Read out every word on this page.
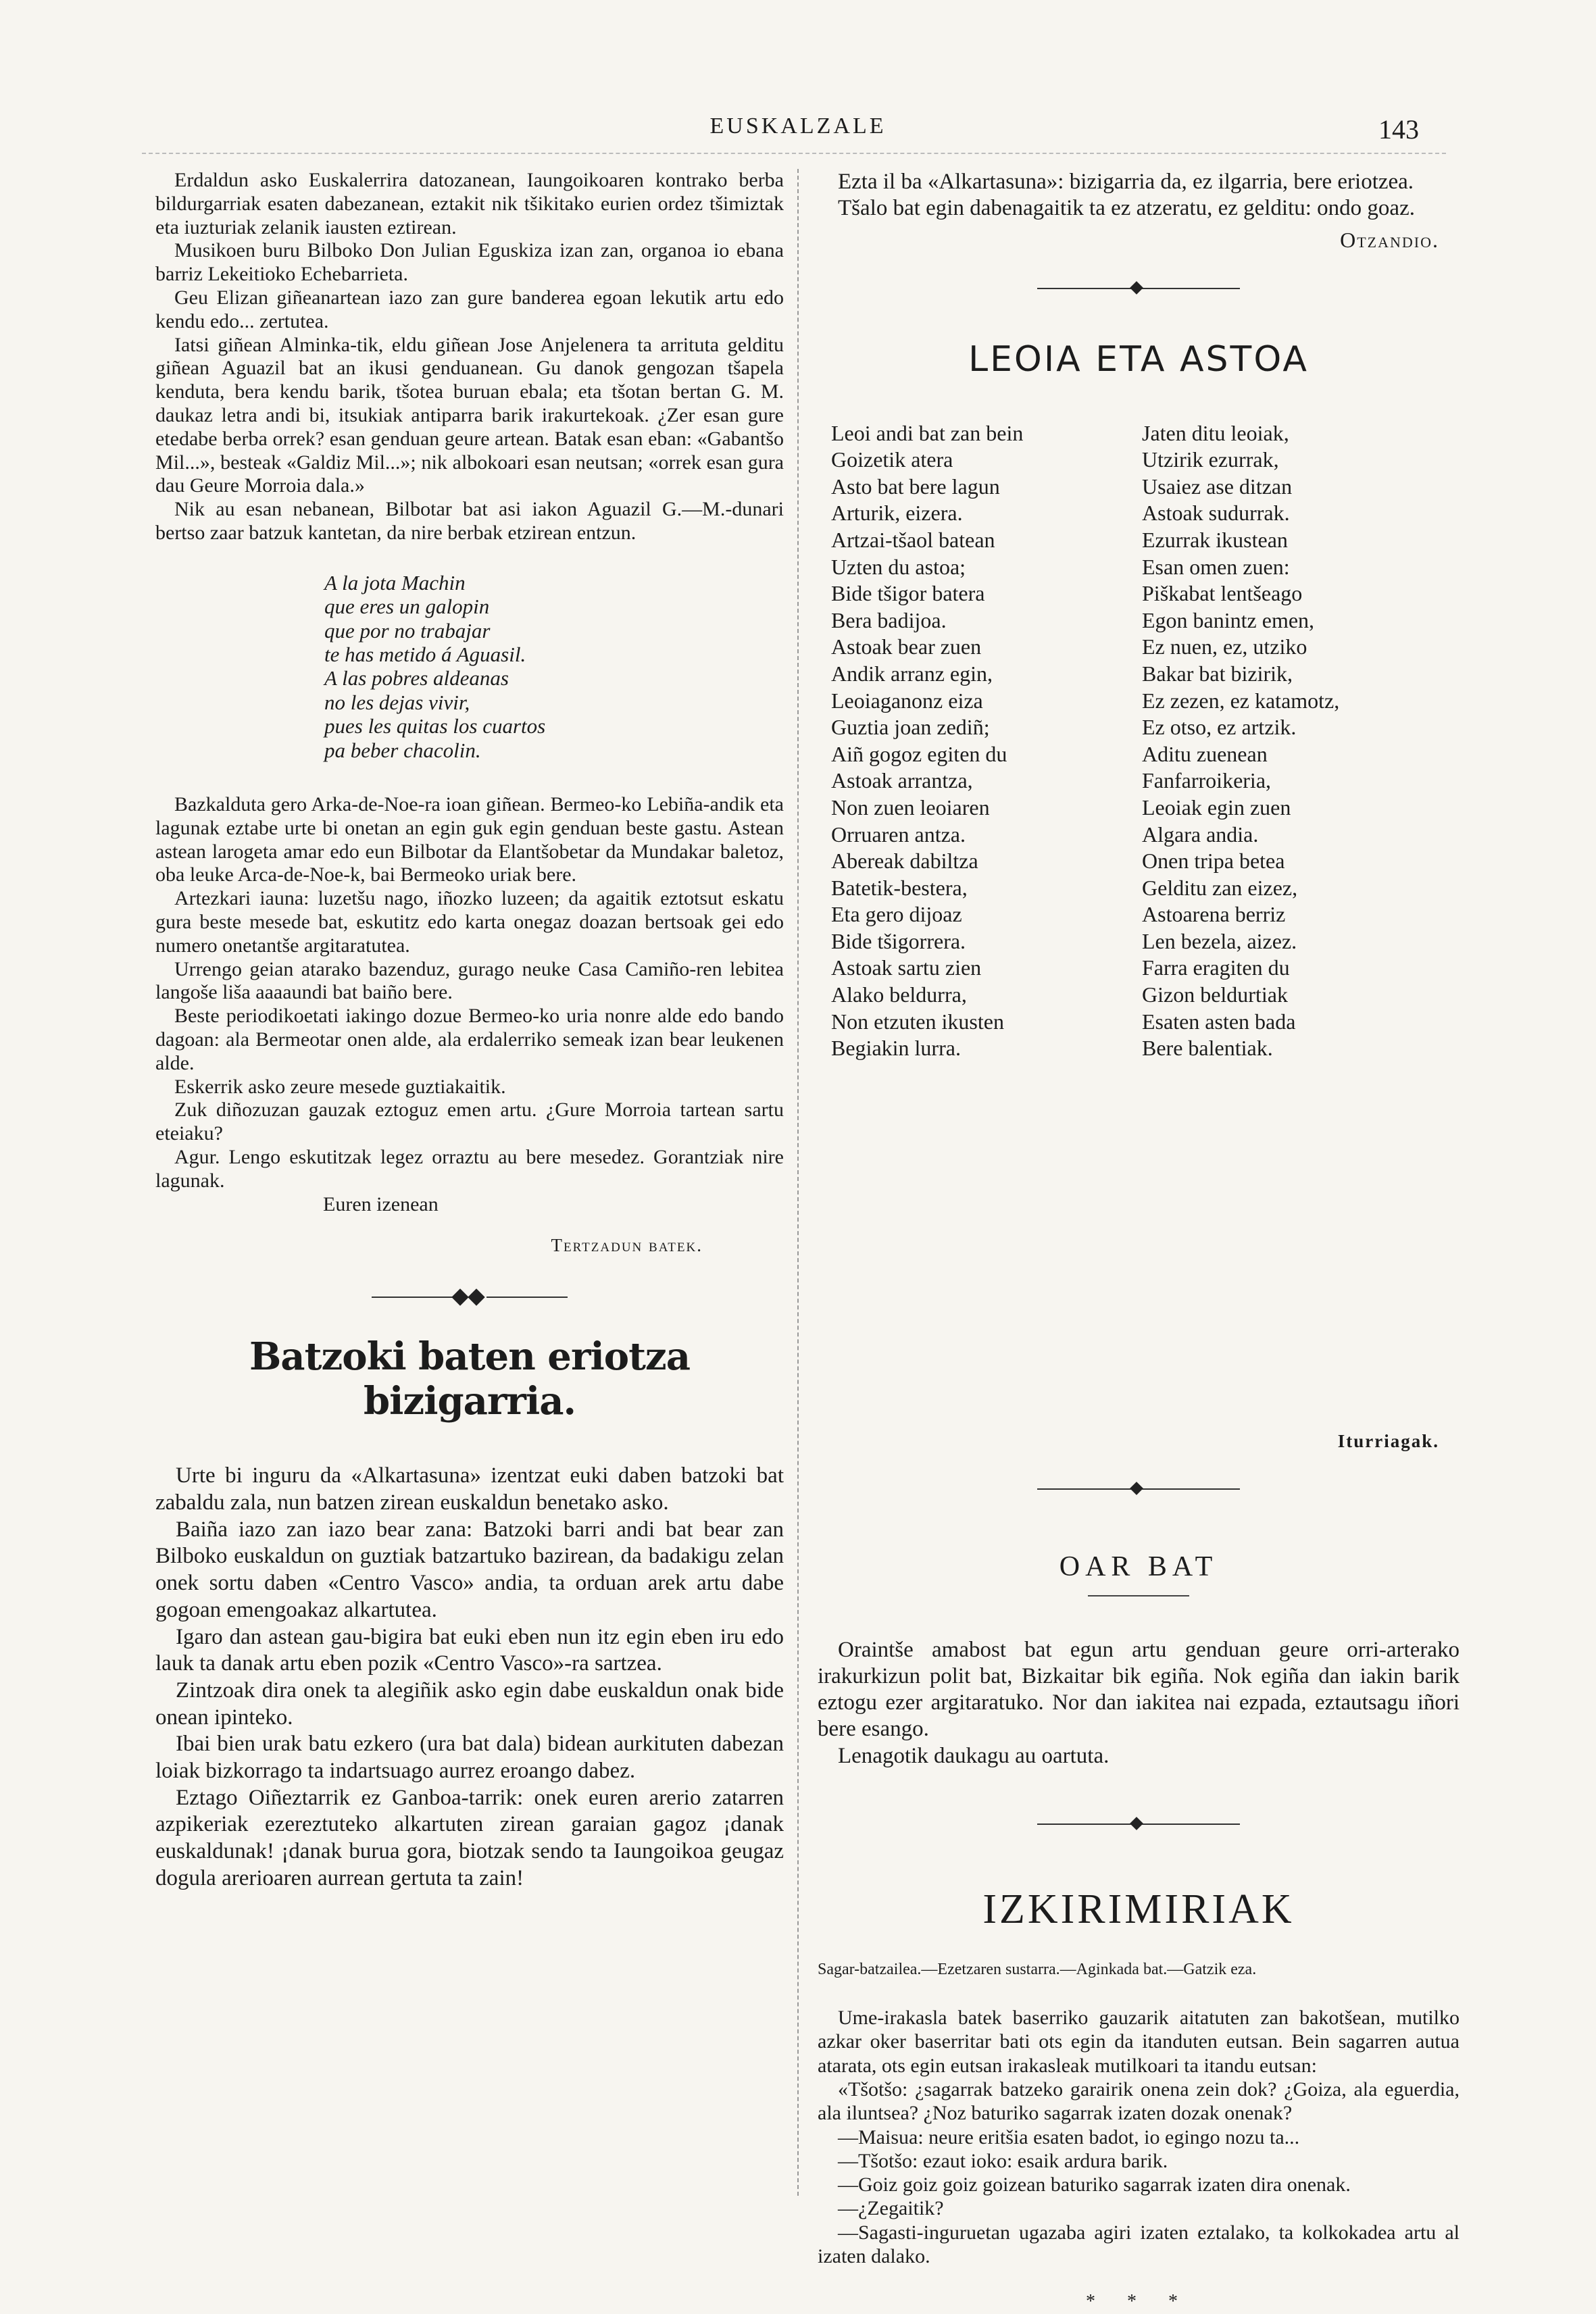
EUSKALZALE	143

Erdaldun asko Euskalerrira datozanean, Iaungoikoaren kontrako berba bildurgarriak esaten dabezanean, eztakit nik tšikitako eurien ordez tšimiztak eta iuzturiak zelanik iausten eztirean.

Musikoen buru Bilboko Don Julian Eguskiza izan zan, organoa io ebana barriz Lekeitioko Echebarrieta.

Geu Elizan giñeanartean iazo zan gure banderea egoan lekutik artu edo kendu edo... zertutea.

Iatsi giñean Alminka-tik, eldu giñean Jose Anjelenera ta arrituta gelditu giñean Aguazil bat an ikusi genduanean. Gu danok gengozan tšapela kenduta, bera kendu barik, tšotea buruan ebala; eta tšotan bertan G. M. daukaz letra andi bi, itsukiak antiparra barik irakurtekoak. ¿Zer esan gure etedabe berba orrek? esan genduan geure artean. Batak esan eban: «Gabantšo Mil...», besteak «Galdiz Mil...»; nik albokoari esan neutsan; «orrek esan gura dau Geure Morroia dala.»

Nik au esan nebanean, Bilbotar bat asi iakon Aguazil G.—M.-dunari bertso zaar batzuk kantetan, da nire berbak etzirean entzun.

A la jota Machin
que eres un galopin
que por no trabajar
te has metido á Aguasil.
A las pobres aldeanas
no les dejas vivir,
pues les quitas los cuartos
pa beber chacolin.

Bazkalduta gero Arka-de-Noe-ra ioan giñean. Bermeo-ko Lebiña-andik eta lagunak eztabe urte bi onetan an egin guk egin genduan beste gastu. Astean astean larogeta amar edo eun Bilbotar da Elantšobetar da Mundakar baletoz, oba leuke Arca-de-Noe-k, bai Bermeoko uriak bere.

Artezkari iauna: luzetšu nago, iñozko luzeen; da agaitik eztotsut eskatu gura beste mesede bat, eskutitz edo karta onegaz doazan bertsoak gei edo numero onetantše argitaratutea.

Urrengo geian atarako bazenduz, gurago neuke Casa Camiño-ren lebitea langoše liša aaaaundi bat baiño bere.

Beste periodikoetati iakingo dozue Bermeo-ko uria nonre alde edo bando dagoan: ala Bermeotar onen alde, ala erdalerriko semeak izan bear leukenen alde.

Eskerrik asko zeure mesede guztiakaitik.

Zuk diñozuzan gauzak eztoguz emen artu. ¿Gure Morroia tartean sartu eteiaku?

Agur. Lengo eskutitzak legez orraztu au bere mesedez. Gorantziak nire lagunak.

Euren izenean

Tertzadun batek.
Batzoki baten eriotza bizigarria.

Urte bi inguru da «Alkartasuna» izentzat euki daben batzoki bat zabaldu zala, nun batzen zirean euskaldun benetako asko.

Baiña iazo zan iazo bear zana: Batzoki barri andi bat bear zan Bilboko euskaldun on guztiak batzartuko bazirean, da badakigu zelan onek sortu daben «Centro Vasco» andia, ta orduan arek artu dabe gogoan emengoakaz alkartutea.

Igaro dan astean gau-bigira bat euki eben nun itz egin eben iru edo lauk ta danak artu eben pozik «Centro Vasco»-ra sartzea.

Zintzoak dira onek ta alegiñik asko egin dabe euskaldun onak bide onean ipinteko.

Ibai bien urak batu ezkero (ura bat dala) bidean aurkituten dabezan loiak bizkorrago ta indartsuago aurrez eroango dabez.

Eztago Oiñeztarrik ez Ganboa-tarrik: onek euren arerio zatarren azpikeriak ezereztuteko alkartuten zirean garaian gagoz ¡danak euskaldunak! ¡danak burua gora, biotzak sendo ta Iaungoikoa geugaz dogula arerioaren aurrean gertuta ta zain!

Ezta il ba «Alkartasuna»: bizigarria da, ez ilgarria, bere eriotzea.

Tšalo bat egin dabenagaitik ta ez atzeratu, ez gelditu: ondo goaz.

Otzandio.
LEOIA ETA ASTOA
Leoi andi bat zan bein
Goizetik atera
Asto bat bere lagun
Arturik, eizera.
Artzai-tšaol batean
Uzten du astoa;
Bide tšigor batera
Bera badijoa.
Astoak bear zuen
Andik arranz egin,
Leoiaganonz eiza
Guztia joan zediñ;
Aiñ gogoz egiten du
Astoak arrantza,
Non zuen leoiaren
Orruaren antza.
Abereak dabiltza
Batetik-bestera,
Eta gero dijoaz
Bide tšigorrera.
Astoak sartu zien
Alako beldurra,
Non etzuten ikusten
Begiakin lurra.
Jaten ditu leoiak,
Utzirik ezurrak,
Usaiez ase ditzan
Astoak sudurrak.
Ezurrak ikustean
Esan omen zuen:
Piškabat lentšeago
Egon banintz emen,
Ez nuen, ez, utziko
Bakar bat bizirik,
Ez zezen, ez katamotz,
Ez otso, ez artzik.
Aditu zuenean
Fanfarroikeria,
Leoiak egin zuen
Algara andia.
Onen tripa betea
Gelditu zan eizez,
Astoarena berriz
Len bezela, aizez.
Farra eragiten du
Gizon beldurtiak
Esaten asten bada
Bere balentiak.
Iturriagak.
OAR BAT

Oraintše amabost bat egun artu genduan geure orri-arterako irakurkizun polit bat, Bizkaitar bik egiña. Nok egiña dan iakin barik eztogu ezer argitaratuko. Nor dan iakitea nai ezpada, eztautsagu iñori bere esango.

Lenagotik daukagu au oartuta.

IZKIRIMIRIAK
Sagar-batzailea.—Ezetzaren sustarra.—Aginkada bat.—Gatzik eza.

Ume-irakasla batek baserriko gauzarik aitatuten zan bakotšean, mutilko azkar oker baserritar bati ots egin da itanduten eutsan. Bein sagarren autua atarata, ots egin eutsan irakasleak mutilkoari ta itandu eutsan:

«Tšotšo: ¿sagarrak batzeko garairik onena zein dok? ¿Goiza, ala eguerdia, ala iluntsea? ¿Noz baturiko sagarrak izaten dozak onenak?

—Maisua: neure eritšia esaten badot, io egingo nozu ta...

—Tšotšo: ezaut ioko: esaik ardura barik.

—Goiz goiz goiz goizean baturiko sagarrak izaten dira onenak.

—¿Zegaitik?

—Sagasti-inguruetan ugazaba agiri izaten eztalako, ta kolkokadea artu al izaten dalako.

* * *
